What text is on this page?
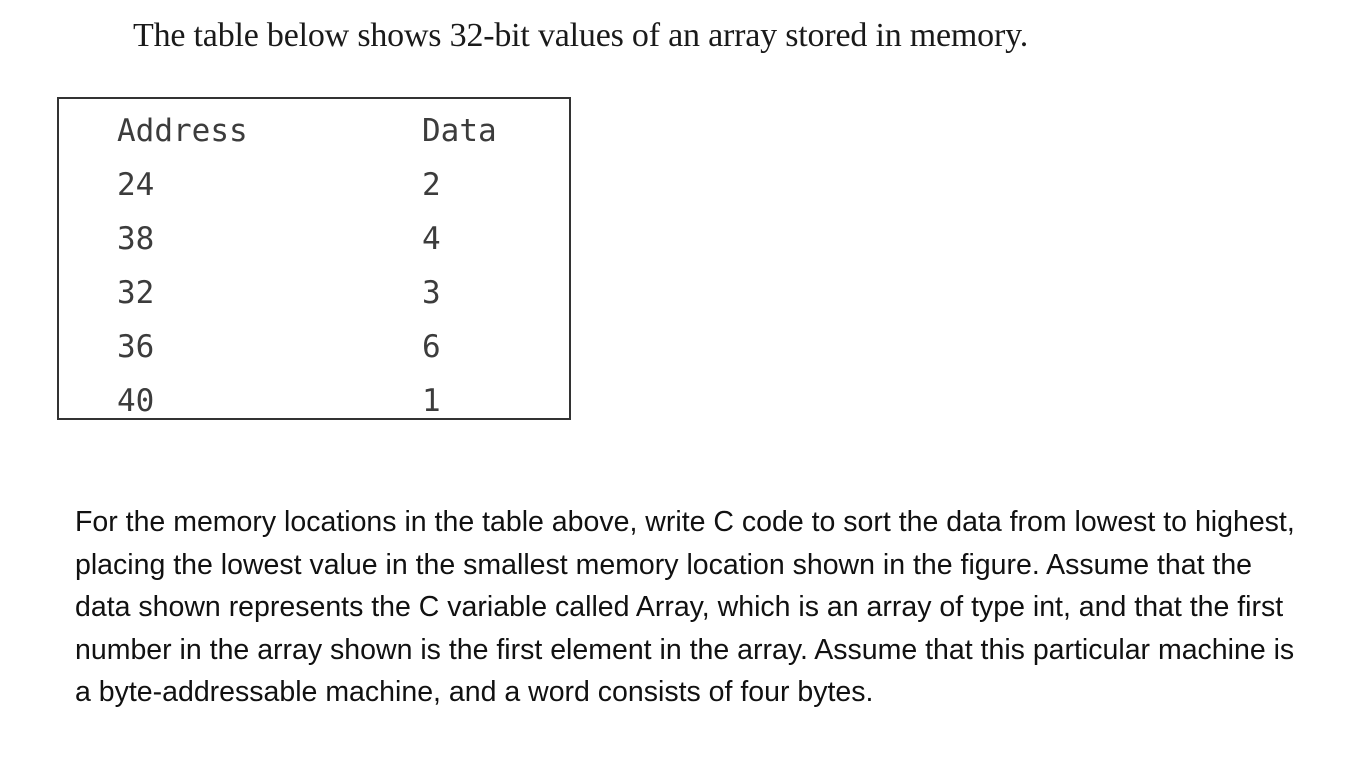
The table below shows 32-bit values of an array stored in memory.

Address	Data
24	2
38	4
32	3
36	6
40	1

For the memory locations in the table above, write C code to sort the data from lowest to highest, placing the lowest value in the smallest memory location shown in the figure. Assume that the data shown represents the C variable called Array, which is an array of type int, and that the first number in the array shown is the first element in the array. Assume that this particular machine is a byte-addressable machine, and a word consists of four bytes.
